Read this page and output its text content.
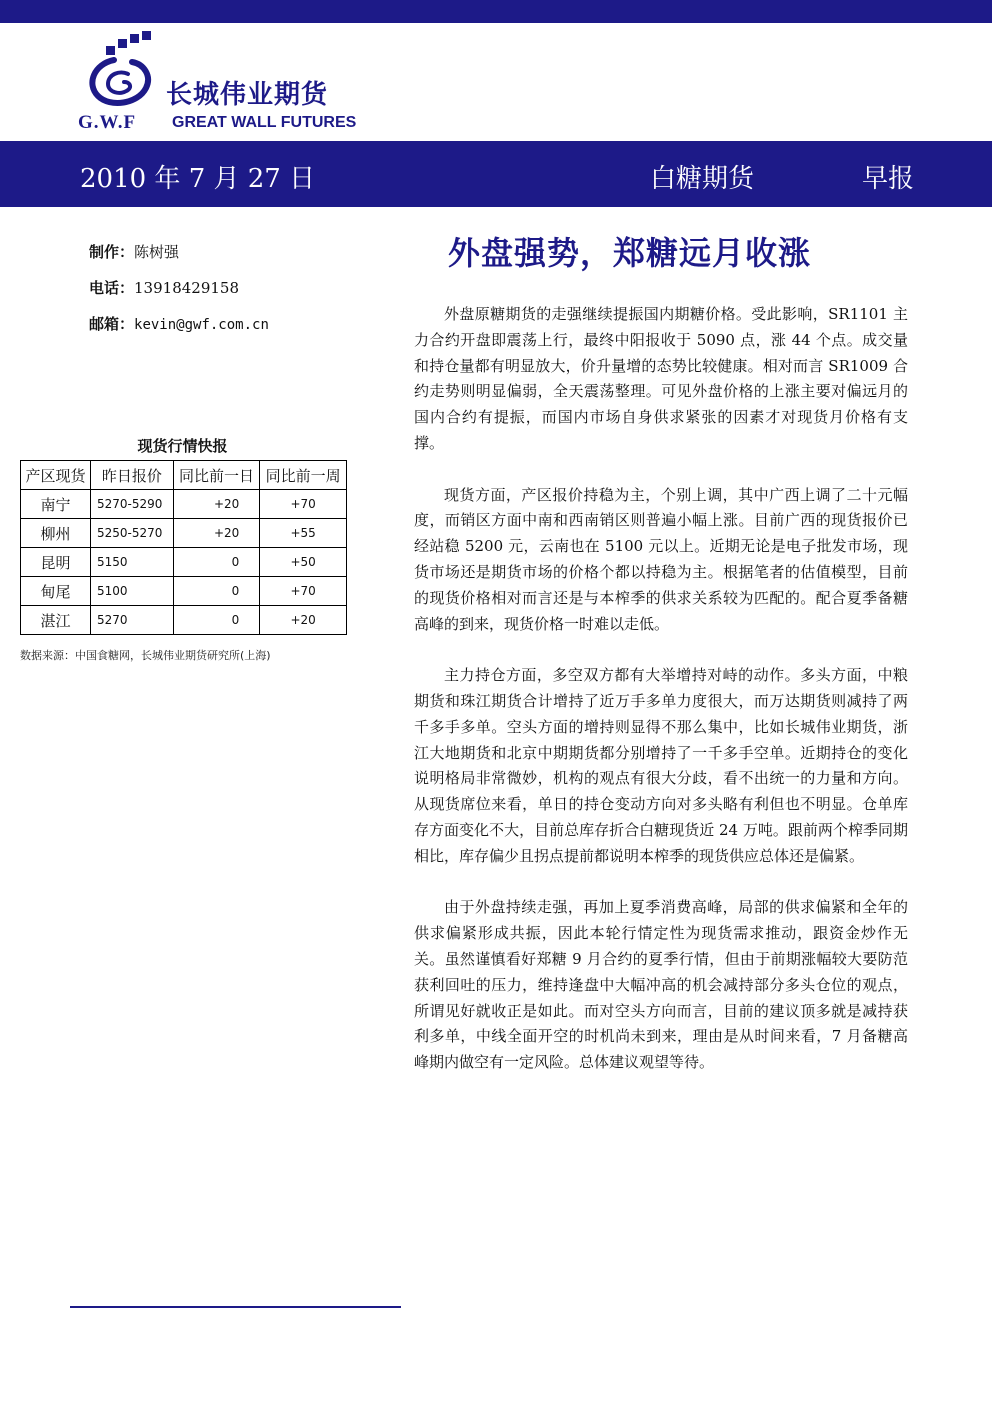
长城伟业期货
G.W.F GREAT WALL FUTURES
2010 年 7 月 27 日	白糖期货	早报
制作：陈树强
电话：13918429158
邮箱：kevin@gwf.com.cn
现货行情快报
产区现货	昨日报价	同比前一日	同比前一周
南宁	5270-5290	+20	+70
柳州	5250-5270	+20	+55
昆明	5150	0	+50
甸尾	5100	0	+70
湛江	5270	0	+20
数据来源：中国食糖网，长城伟业期货研究所(上海)
外盘强势，郑糖远月收涨

外盘原糖期货的走强继续提振国内期糖价格。受此影响，SR1101 主力合约开盘即震荡上行，最终中阳报收于 5090 点，涨 44 个点。成交量和持仓量都有明显放大，价升量增的态势比较健康。相对而言 SR1009 合约走势则明显偏弱，全天震荡整理。可见外盘价格的上涨主要对偏远月的国内合约有提振，而国内市场自身供求紧张的因素才对现货月价格有支撑。

现货方面，产区报价持稳为主，个别上调，其中广西上调了二十元幅度，而销区方面中南和西南销区则普遍小幅上涨。目前广西的现货报价已经站稳 5200 元，云南也在 5100 元以上。近期无论是电子批发市场，现货市场还是期货市场的价格个都以持稳为主。根据笔者的估值模型，目前的现货价格相对而言还是与本榨季的供求关系较为匹配的。配合夏季备糖高峰的到来，现货价格一时难以走低。

主力持仓方面，多空双方都有大举增持对峙的动作。多头方面，中粮期货和珠江期货合计增持了近万手多单力度很大，而万达期货则减持了两千多手多单。空头方面的增持则显得不那么集中，比如长城伟业期货，浙江大地期货和北京中期期货都分别增持了一千多手空单。近期持仓的变化说明格局非常微妙，机构的观点有很大分歧，看不出统一的力量和方向。从现货席位来看，单日的持仓变动方向对多头略有利但也不明显。仓单库存方面变化不大，目前总库存折合白糖现货近 24 万吨。跟前两个榨季同期相比，库存偏少且拐点提前都说明本榨季的现货供应总体还是偏紧。

由于外盘持续走强，再加上夏季消费高峰，局部的供求偏紧和全年的供求偏紧形成共振，因此本轮行情定性为现货需求推动，跟资金炒作无关。虽然谨慎看好郑糖 9 月合约的夏季行情，但由于前期涨幅较大要防范获利回吐的压力，维持逢盘中大幅冲高的机会减持部分多头仓位的观点，所谓见好就收正是如此。而对空头方向而言，目前的建议顶多就是减持获利多单，中线全面开空的时机尚未到来，理由是从时间来看，7 月备糖高峰期内做空有一定风险。总体建议观望等待。
